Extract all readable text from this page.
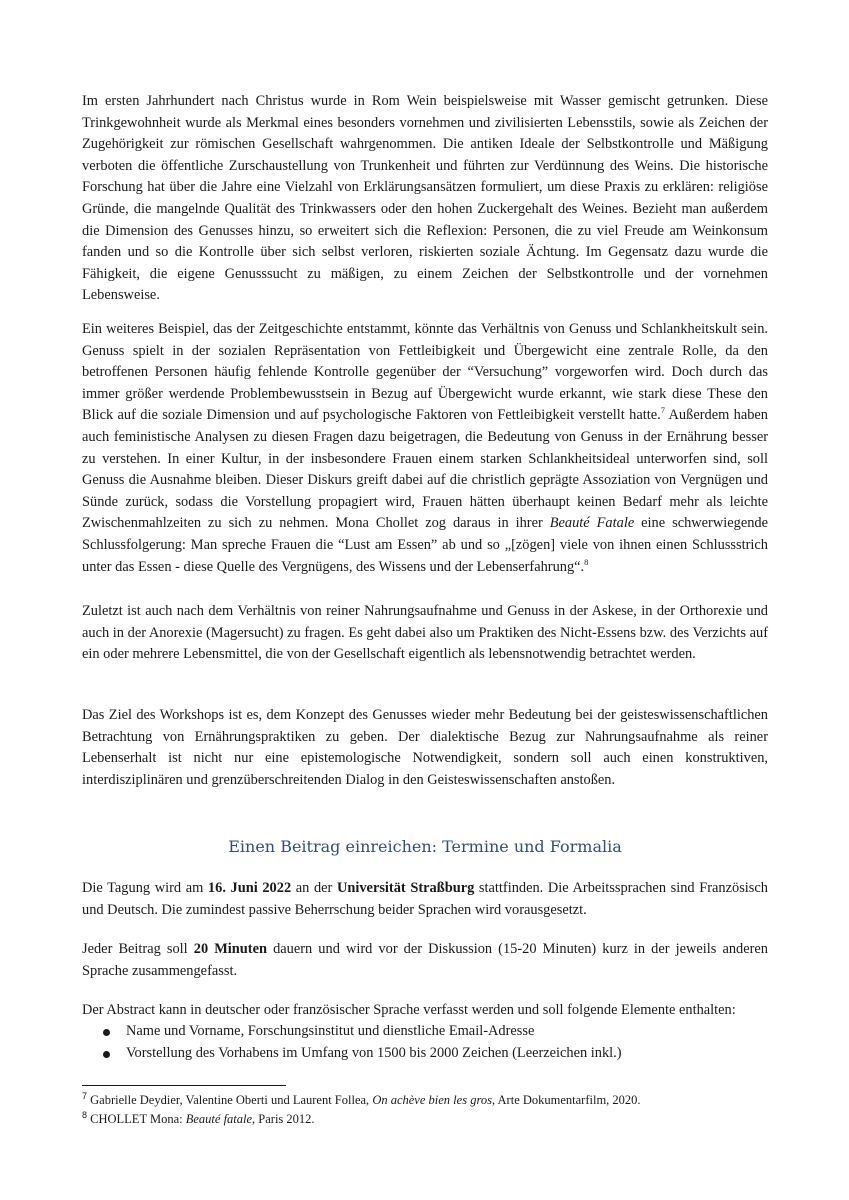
Im ersten Jahrhundert nach Christus wurde in Rom Wein beispielsweise mit Wasser gemischt getrunken. Diese Trinkgewohnheit wurde als Merkmal eines besonders vornehmen und zivilisierten Lebensstils, sowie als Zeichen der Zugehörigkeit zur römischen Gesellschaft wahrgenommen. Die antiken Ideale der Selbstkontrolle und Mäßigung verboten die öffentliche Zurschaustellung von Trunkenheit und führten zur Verdünnung des Weins. Die historische Forschung hat über die Jahre eine Vielzahl von Erklärungsansätzen formuliert, um diese Praxis zu erklären: religiöse Gründe, die mangelnde Qualität des Trinkwassers oder den hohen Zuckergehalt des Weines. Bezieht man außerdem die Dimension des Genusses hinzu, so erweitert sich die Reflexion: Personen, die zu viel Freude am Weinkonsum fanden und so die Kontrolle über sich selbst verloren, riskierten soziale Ächtung. Im Gegensatz dazu wurde die Fähigkeit, die eigene Genusssucht zu mäßigen, zu einem Zeichen der Selbstkontrolle und der vornehmen Lebensweise.

Ein weiteres Beispiel, das der Zeitgeschichte entstammt, könnte das Verhältnis von Genuss und Schlankheitskult sein. Genuss spielt in der sozialen Repräsentation von Fettleibigkeit und Übergewicht eine zentrale Rolle, da den betroffenen Personen häufig fehlende Kontrolle gegenüber der “Versuchung” vorgeworfen wird. Doch durch das immer größer werdende Problembewusstsein in Bezug auf Übergewicht wurde erkannt, wie stark diese These den Blick auf die soziale Dimension und auf psychologische Faktoren von Fettleibigkeit verstellt hatte.$^7$ Außerdem haben auch feministische Analysen zu diesen Fragen dazu beigetragen, die Bedeutung von Genuss in der Ernährung besser zu verstehen. In einer Kultur, in der insbesondere Frauen einem starken Schlankheitsideal unterworfen sind, soll Genuss die Ausnahme bleiben. Dieser Diskurs greift dabei auf die christlich geprägte Assoziation von Vergnügen und Sünde zurück, sodass die Vorstellung propagiert wird, Frauen hätten überhaupt keinen Bedarf mehr als leichte Zwischenmahlzeiten zu sich zu nehmen. Mona Chollet zog daraus in ihrer Beauté Fatale eine schwerwiegende Schlussfolgerung: Man spreche Frauen die “Lust am Essen” ab und so „[zögen] viele von ihnen einen Schlussstrich unter das Essen - diese Quelle des Vergnügens, des Wissens und der Lebenserfahrung“.$^8$

Zuletzt ist auch nach dem Verhältnis von reiner Nahrungsaufnahme und Genuss in der Askese, in der Orthorexie und auch in der Anorexie (Magersucht) zu fragen. Es geht dabei also um Praktiken des Nicht-Essens bzw. des Verzichts auf ein oder mehrere Lebensmittel, die von der Gesellschaft eigentlich als lebensnotwendig betrachtet werden.

Das Ziel des Workshops ist es, dem Konzept des Genusses wieder mehr Bedeutung bei der geisteswissenschaftlichen Betrachtung von Ernährungspraktiken zu geben. Der dialektische Bezug zur Nahrungsaufnahme als reiner Lebenserhalt ist nicht nur eine epistemologische Notwendigkeit, sondern soll auch einen konstruktiven, interdisziplinären und grenzüberschreitenden Dialog in den Geisteswissenschaften anstoßen.

Einen Beitrag einreichen: Termine und Formalia

Die Tagung wird am 16. Juni 2022 an der Universität Straßburg stattfinden. Die Arbeitssprachen sind Französisch und Deutsch. Die zumindest passive Beherrschung beider Sprachen wird vorausgesetzt.

Jeder Beitrag soll 20 Minuten dauern und wird vor der Diskussion (15-20 Minuten) kurz in der jeweils anderen Sprache zusammengefasst.

Der Abstract kann in deutscher oder französischer Sprache verfasst werden und soll folgende Elemente enthalten:

Name und Vorname, Forschungsinstitut und dienstliche Email-Adresse
Vorstellung des Vorhabens im Umfang von 1500 bis 2000 Zeichen (Leerzeichen inkl.)

$^7$ Gabrielle Deydier, Valentine Oberti und Laurent Follea, On achève bien les gros, Arte Dokumentarfilm, 2020.

$^8$ CHOLLET Mona: Beauté fatale, Paris 2012.
